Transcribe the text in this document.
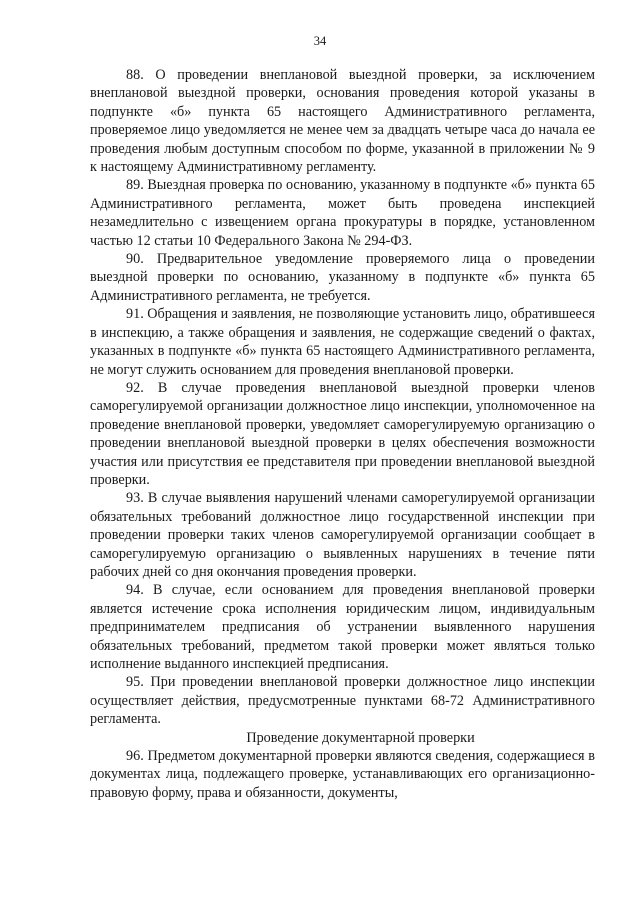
34

88. О проведении внеплановой выездной проверки, за исключением внеплановой выездной проверки, основания проведения которой указаны в подпункте «б» пункта 65 настоящего Административного регламента, проверяемое лицо уведомляется не менее чем за двадцать четыре часа до начала ее проведения любым доступным способом по форме, указанной в приложении № 9 к настоящему Административному регламенту.

89. Выездная проверка по основанию, указанному в подпункте «б» пункта 65 Административного регламента, может быть проведена инспекцией незамедлительно с извещением органа прокуратуры в порядке, установленном частью 12 статьи 10 Федерального Закона № 294-ФЗ.

90. Предварительное уведомление проверяемого лица о проведении выездной проверки по основанию, указанному в подпункте «б» пункта 65 Административного регламента, не требуется.

91. Обращения и заявления, не позволяющие установить лицо, обратившееся в инспекцию, а также обращения и заявления, не содержащие сведений о фактах, указанных в подпункте «б» пункта 65 настоящего Административного регламента, не могут служить основанием для проведения внеплановой проверки.

92. В случае проведения внеплановой выездной проверки членов саморегулируемой организации должностное лицо инспекции, уполномоченное на проведение внеплановой проверки, уведомляет саморегулируемую организацию о проведении внеплановой выездной проверки в целях обеспечения возможности участия или присутствия ее представителя при проведении внеплановой выездной проверки.

93. В случае выявления нарушений членами саморегулируемой организации обязательных требований должностное лицо государственной инспекции при проведении проверки таких членов саморегулируемой организации сообщает в саморегулируемую организацию о выявленных нарушениях в течение пяти рабочих дней со дня окончания проведения проверки.

94. В случае, если основанием для проведения внеплановой проверки является истечение срока исполнения юридическим лицом, индивидуальным предпринимателем предписания об устранении выявленного нарушения обязательных требований, предметом такой проверки может являться только исполнение выданного инспекцией предписания.

95. При проведении внеплановой проверки должностное лицо инспекции осуществляет действия, предусмотренные пунктами 68-72 Административного регламента.

Проведение документарной проверки

96. Предметом документарной проверки являются сведения, содержащиеся в документах лица, подлежащего проверке, устанавливающих его организационно-правовую форму, права и обязанности, документы,
